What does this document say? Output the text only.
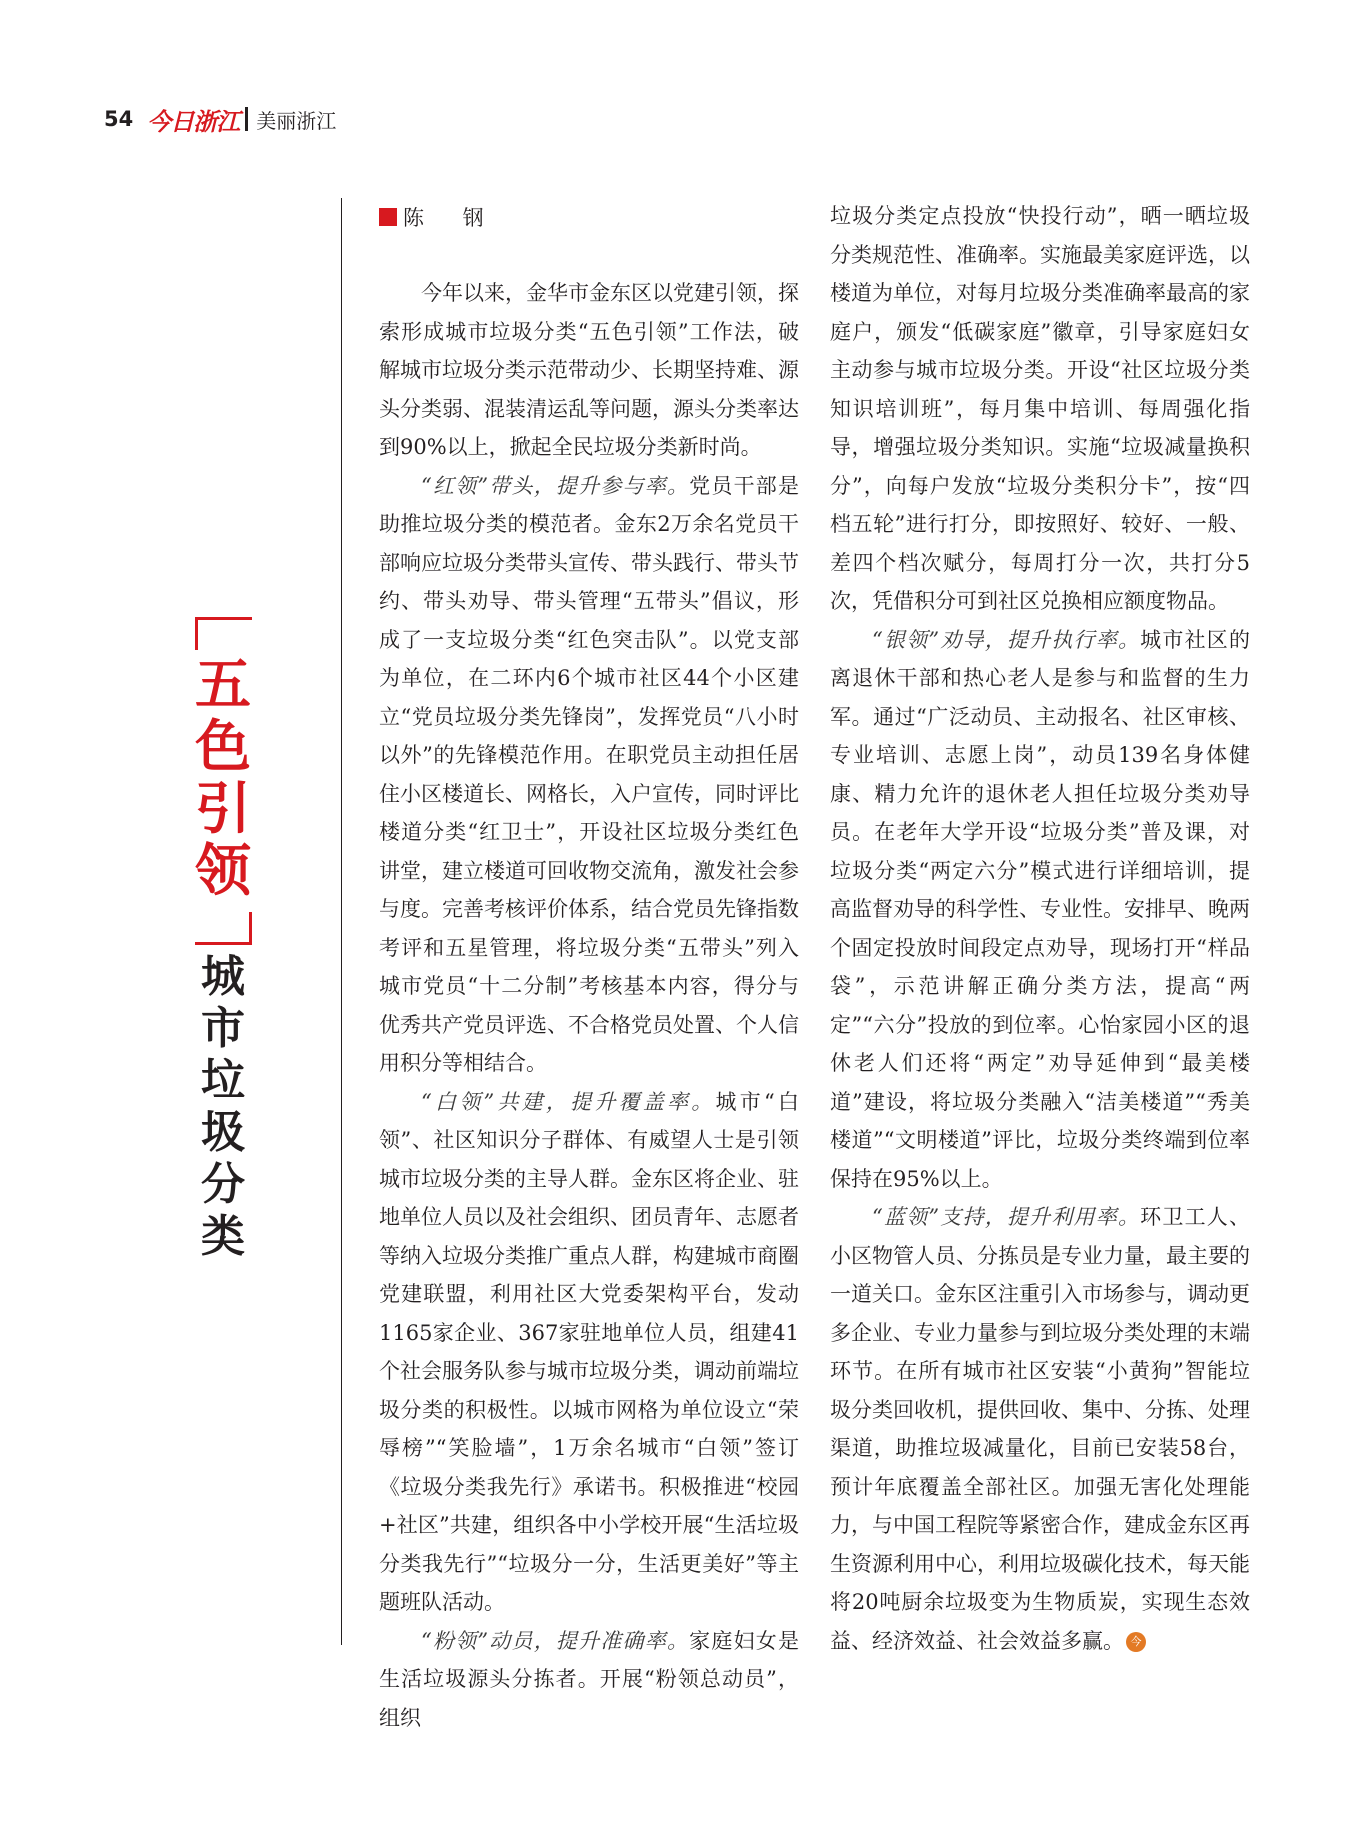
54 今日浙江 美丽浙江
五
色
引
领
城
市
垃
圾
分
类
陈 钢

今年以来，金华市金东区以党建引领，探索形成城市垃圾分类“五色引领”工作法，破解城市垃圾分类示范带动少、长期坚持难、源头分类弱、混装清运乱等问题，源头分类率达到90%以上，掀起全民垃圾分类新时尚。

“红领”带头，提升参与率。党员干部是助推垃圾分类的模范者。金东2万余名党员干部响应垃圾分类带头宣传、带头践行、带头节约、带头劝导、带头管理“五带头”倡议，形成了一支垃圾分类“红色突击队”。以党支部为单位，在二环内6个城市社区44个小区建立“党员垃圾分类先锋岗”，发挥党员“八小时以外”的先锋模范作用。在职党员主动担任居住小区楼道长、网格长，入户宣传，同时评比楼道分类“红卫士”，开设社区垃圾分类红色讲堂，建立楼道可回收物交流角，激发社会参与度。完善考核评价体系，结合党员先锋指数考评和五星管理，将垃圾分类“五带头”列入城市党员“十二分制”考核基本内容，得分与优秀共产党员评选、不合格党员处置、个人信用积分等相结合。

“白领”共建，提升覆盖率。城市“白领”、社区知识分子群体、有威望人士是引领城市垃圾分类的主导人群。金东区将企业、驻地单位人员以及社会组织、团员青年、志愿者等纳入垃圾分类推广重点人群，构建城市商圈党建联盟，利用社区大党委架构平台，发动1165家企业、367家驻地单位人员，组建41个社会服务队参与城市垃圾分类，调动前端垃圾分类的积极性。以城市网格为单位设立“荣辱榜”“笑脸墙”，1万余名城市“白领”签订《垃圾分类我先行》承诺书。积极推进“校园+社区”共建，组织各中小学校开展“生活垃圾分类我先行”“垃圾分一分，生活更美好”等主题班队活动。

“粉领”动员，提升准确率。家庭妇女是生活垃圾源头分拣者。开展“粉领总动员”，组织

垃圾分类定点投放“快投行动”，晒一晒垃圾分类规范性、准确率。实施最美家庭评选，以楼道为单位，对每月垃圾分类准确率最高的家庭户，颁发“低碳家庭”徽章，引导家庭妇女主动参与城市垃圾分类。开设“社区垃圾分类知识培训班”，每月集中培训、每周强化指导，增强垃圾分类知识。实施“垃圾减量换积分”，向每户发放“垃圾分类积分卡”，按“四档五轮”进行打分，即按照好、较好、一般、差四个档次赋分，每周打分一次，共打分5次，凭借积分可到社区兑换相应额度物品。

“银领”劝导，提升执行率。城市社区的离退休干部和热心老人是参与和监督的生力军。通过“广泛动员、主动报名、社区审核、专业培训、志愿上岗”，动员139名身体健康、精力允许的退休老人担任垃圾分类劝导员。在老年大学开设“垃圾分类”普及课，对垃圾分类“两定六分”模式进行详细培训，提高监督劝导的科学性、专业性。安排早、晚两个固定投放时间段定点劝导，现场打开“样品袋”，示范讲解正确分类方法，提高“两定”“六分”投放的到位率。心怡家园小区的退休老人们还将“两定”劝导延伸到“最美楼道”建设，将垃圾分类融入“洁美楼道”“秀美楼道”“文明楼道”评比，垃圾分类终端到位率保持在95%以上。

“蓝领”支持，提升利用率。环卫工人、小区物管人员、分拣员是专业力量，最主要的一道关口。金东区注重引入市场参与，调动更多企业、专业力量参与到垃圾分类处理的末端环节。在所有城市社区安装“小黄狗”智能垃圾分类回收机，提供回收、集中、分拣、处理渠道，助推垃圾减量化，目前已安装58台，预计年底覆盖全部社区。加强无害化处理能力，与中国工程院等紧密合作，建成金东区再生资源利用中心，利用垃圾碳化技术，每天能将20吨厨余垃圾变为生物质炭，实现生态效益、经济效益、社会效益多赢。 今
